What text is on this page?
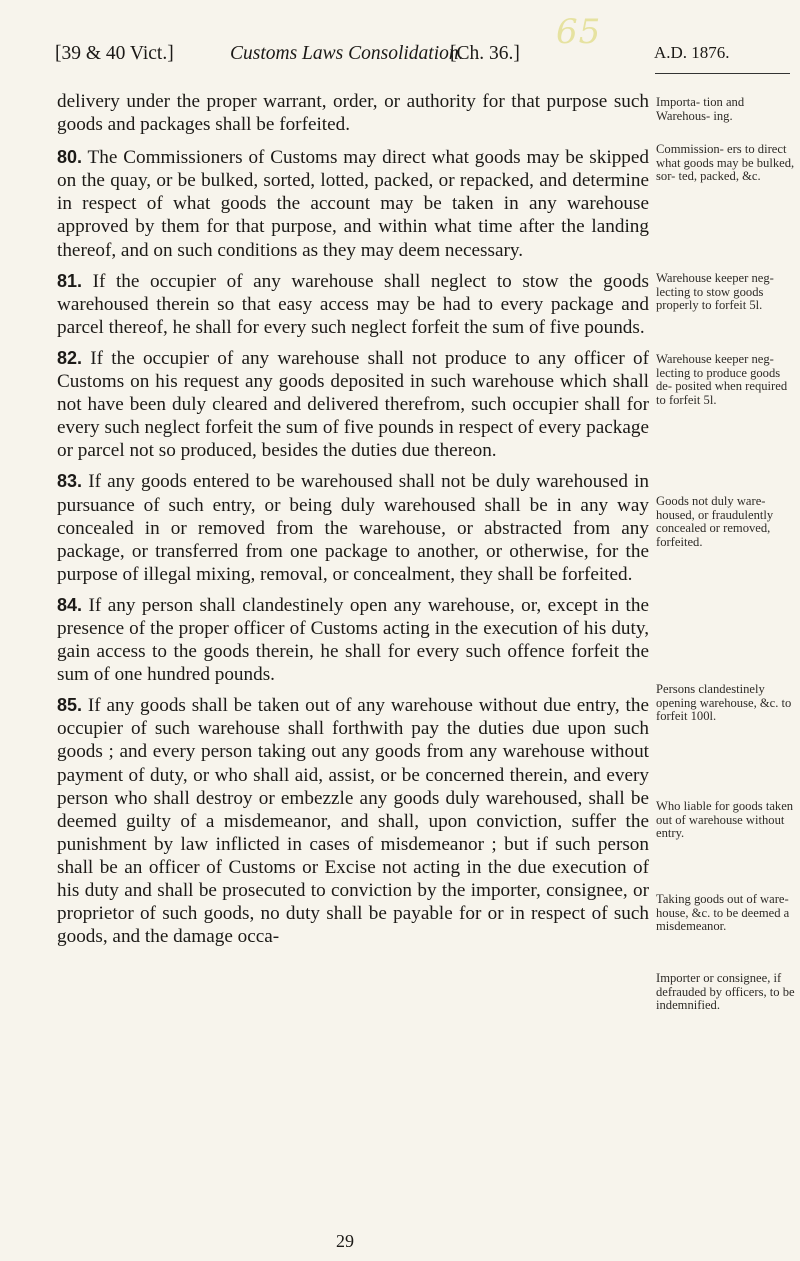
65
[39 & 40 Vict.]	Customs Laws Consolidation.
[Ch. 36.]	A.D. 1876.

delivery under the proper warrant, order, or authority for that purpose such goods and packages shall be forfeited.

80. The Commissioners of Customs may direct what goods may be skipped on the quay, or be bulked, sorted, lotted, packed, or repacked, and determine in respect of what goods the account may be taken in any warehouse approved by them for that purpose, and within what time after the landing thereof, and on such conditions as they may deem necessary.

81. If the occupier of any warehouse shall neglect to stow the goods warehoused therein so that easy access may be had to every package and parcel thereof, he shall for every such neglect forfeit the sum of five pounds.

82. If the occupier of any warehouse shall not produce to any officer of Customs on his request any goods deposited in such warehouse which shall not have been duly cleared and delivered therefrom, such occupier shall for every such neglect forfeit the sum of five pounds in respect of every package or parcel not so produced, besides the duties due thereon.

83. If any goods entered to be warehoused shall not be duly warehoused in pursuance of such entry, or being duly warehoused shall be in any way concealed in or removed from the warehouse, or abstracted from any package, or transferred from one package to another, or otherwise, for the purpose of illegal mixing, removal, or concealment, they shall be forfeited.

84. If any person shall clandestinely open any warehouse, or, except in the presence of the proper officer of Customs acting in the execution of his duty, gain access to the goods therein, he shall for every such offence forfeit the sum of one hundred pounds.

85. If any goods shall be taken out of any warehouse without due entry, the occupier of such warehouse shall forthwith pay the duties due upon such goods ; and every person taking out any goods from any warehouse without payment of duty, or who shall aid, assist, or be concerned therein, and every person who shall destroy or embezzle any goods duly warehoused, shall be deemed guilty of a misdemeanor, and shall, upon conviction, suffer the punishment by law inflicted in cases of misdemeanor ; but if such person shall be an officer of Customs or Excise not acting in the due execution of his duty and shall be prosecuted to conviction by the importer, consignee, or proprietor of such goods, no duty shall be payable for or in respect of such goods, and the damage occa-

Importa- tion and Warehous- ing.
Commission- ers to direct what goods may be bulked, sor- ted, packed, &c.
Warehouse keeper neg- lecting to stow goods properly to forfeit 5l.
Warehouse keeper neg- lecting to produce goods de- posited when required to forfeit 5l.
Goods not duly ware- housed, or fraudulently concealed or removed, forfeited.
Persons clandestinely opening warehouse, &c. to forfeit 100l.
Who liable for goods taken out of warehouse without entry.
Taking goods out of ware- house, &c. to be deemed a misdemeanor.
Importer or consignee, if defrauded by officers, to be indemnified.
29
